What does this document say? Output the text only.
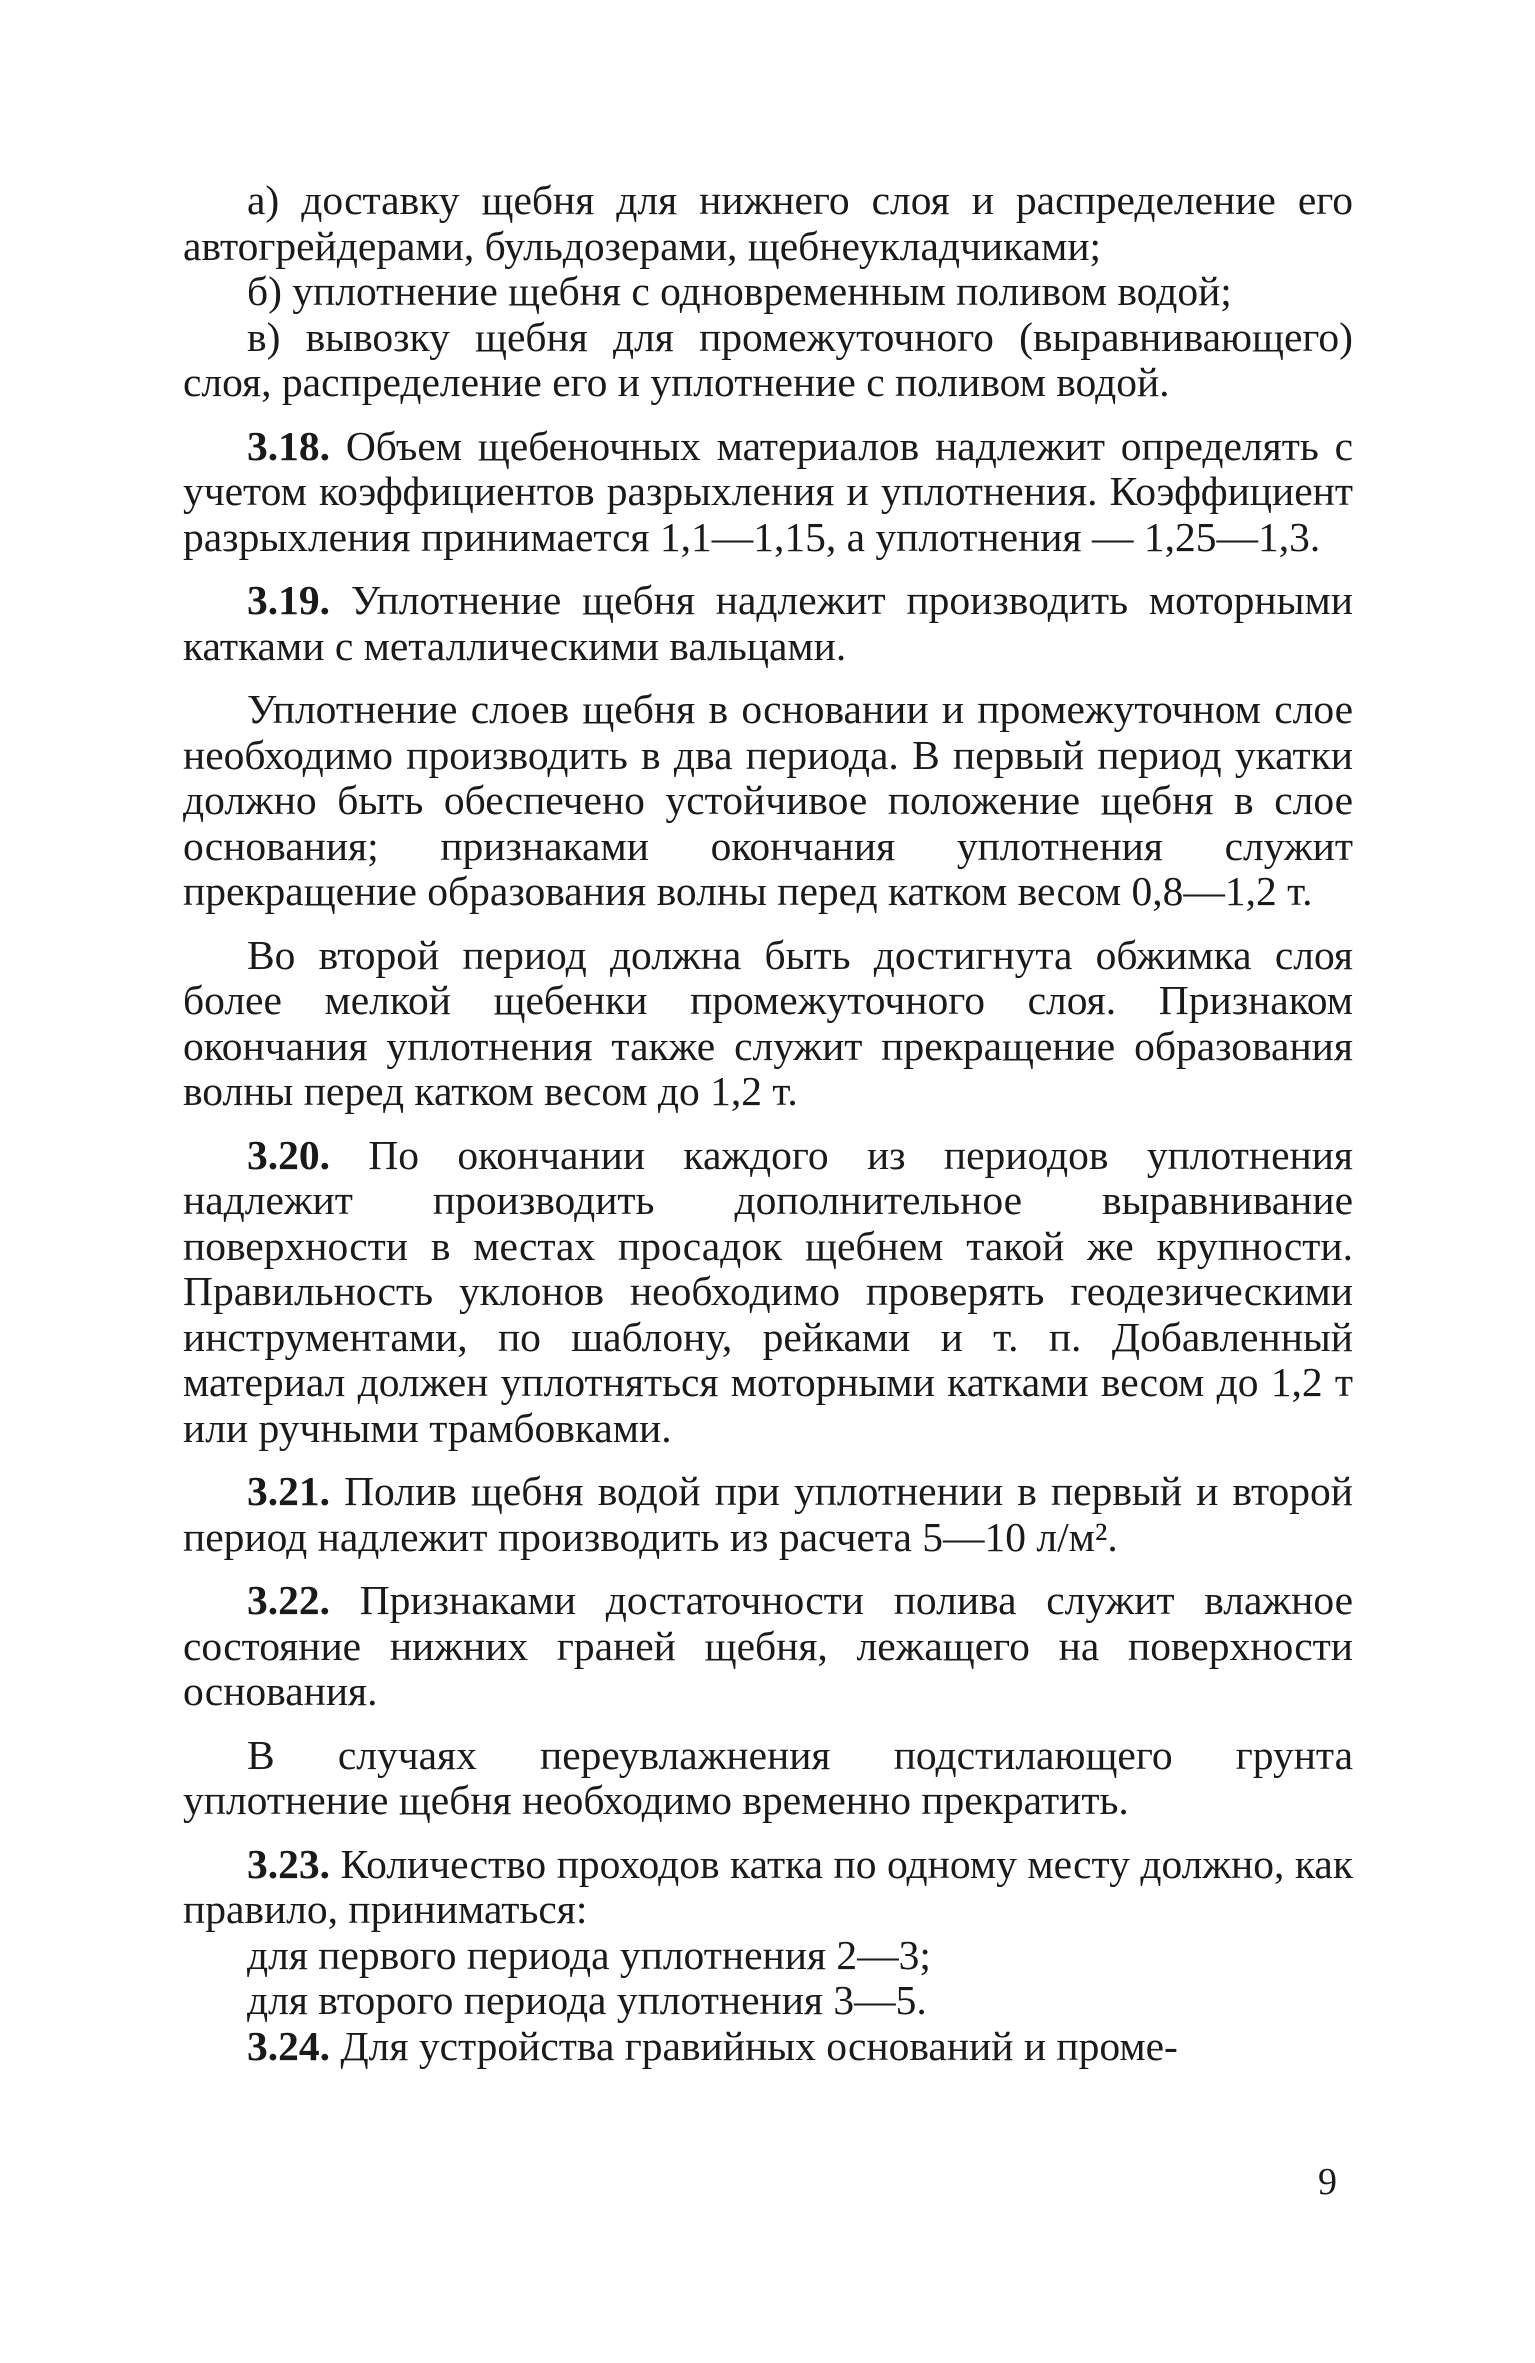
а) доставку щебня для нижнего слоя и распределение его автогрейдерами, бульдозерами, щебнеукладчиками;

б) уплотнение щебня с одновременным поливом водой;

в) вывозку щебня для промежуточного (выравнивающего) слоя, распределение его и уплотнение с поливом водой.

3.18. Объем щебеночных материалов надлежит определять с учетом коэффициентов разрыхления и уплотнения. Коэффициент разрыхления принимается 1,1—1,15, а уплотнения — 1,25—1,3.

3.19. Уплотнение щебня надлежит производить моторными катками с металлическими вальцами.

Уплотнение слоев щебня в основании и промежуточном слое необходимо производить в два периода. В первый период укатки должно быть обеспечено устойчивое положение щебня в слое основания; признаками окончания уплотнения служит прекращение образования волны перед катком весом 0,8—1,2 т.

Во второй период должна быть достигнута обжимка слоя более мелкой щебенки промежуточного слоя. Признаком окончания уплотнения также служит прекращение образования волны перед катком весом до 1,2 т.

3.20. По окончании каждого из периодов уплотнения надлежит производить дополнительное выравнивание поверхности в местах просадок щебнем такой же крупности. Правильность уклонов необходимо проверять геодезическими инструментами, по шаблону, рейками и т. п. Добавленный материал должен уплотняться моторными катками весом до 1,2 т или ручными трамбовками.

3.21. Полив щебня водой при уплотнении в первый и второй период надлежит производить из расчета 5—10 л/м².

3.22. Признаками достаточности полива служит влажное состояние нижних граней щебня, лежащего на поверхности основания.

В случаях переувлажнения подстилающего грунта уплотнение щебня необходимо временно прекратить.

3.23. Количество проходов катка по одному месту должно, как правило, приниматься:

для первого периода уплотнения 2—3;

для второго периода уплотнения 3—5.

3.24. Для устройства гравийных оснований и проме-

9
